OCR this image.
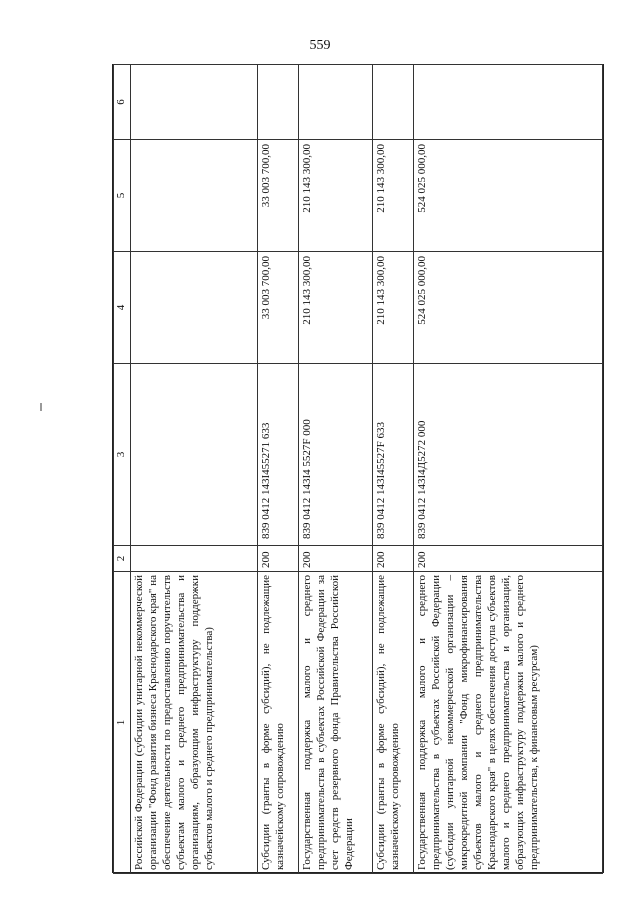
559
1	2	3	4	5	6
Российской Федерации (субсидии унитарной некоммерческой организации "Фонд развития бизнеса Краснодарского края" на обеспечение деятельности по предоставлению поручительств субъектам малого и среднего предпринимательства и организациям, образующим инфраструктуру поддержки субъектов малого и среднего предпринимательства)					
Субсидии (гранты в форме субсидий), не подлежащие казначейскому сопровождению	200	839 0412 143I455271 633	33 003 700,00	33 003 700,00	
Государственная поддержка малого и среднего предпринимательства в субъектах Российской Федерации за счет средств резервного фонда Правительства Российской Федерации	200	839 0412 143I4 5527F 000	210 143 300,00	210 143 300,00	
Субсидии (гранты в форме субсидий), не подлежащие казначейскому сопровождению	200	839 0412 143I45527F 633	210 143 300,00	210 143 300,00	
Государственная поддержка малого и среднего предпринимательства в субъектах Российской Федерации (субсидии унитарной некоммерческой организации – микрокредитной компании "Фонд микрофинансирования субъектов малого и среднего предпринимательства Краснодарского края" в целях обеспечения доступа субъектов малого и среднего предпринимательства и организаций, образующих инфраструктуру поддержки малого и среднего предпринимательства, к финансовым ресурсам)	200	839 0412 143I4Д5272 000	524 025 000,00	524 025 000,00	
